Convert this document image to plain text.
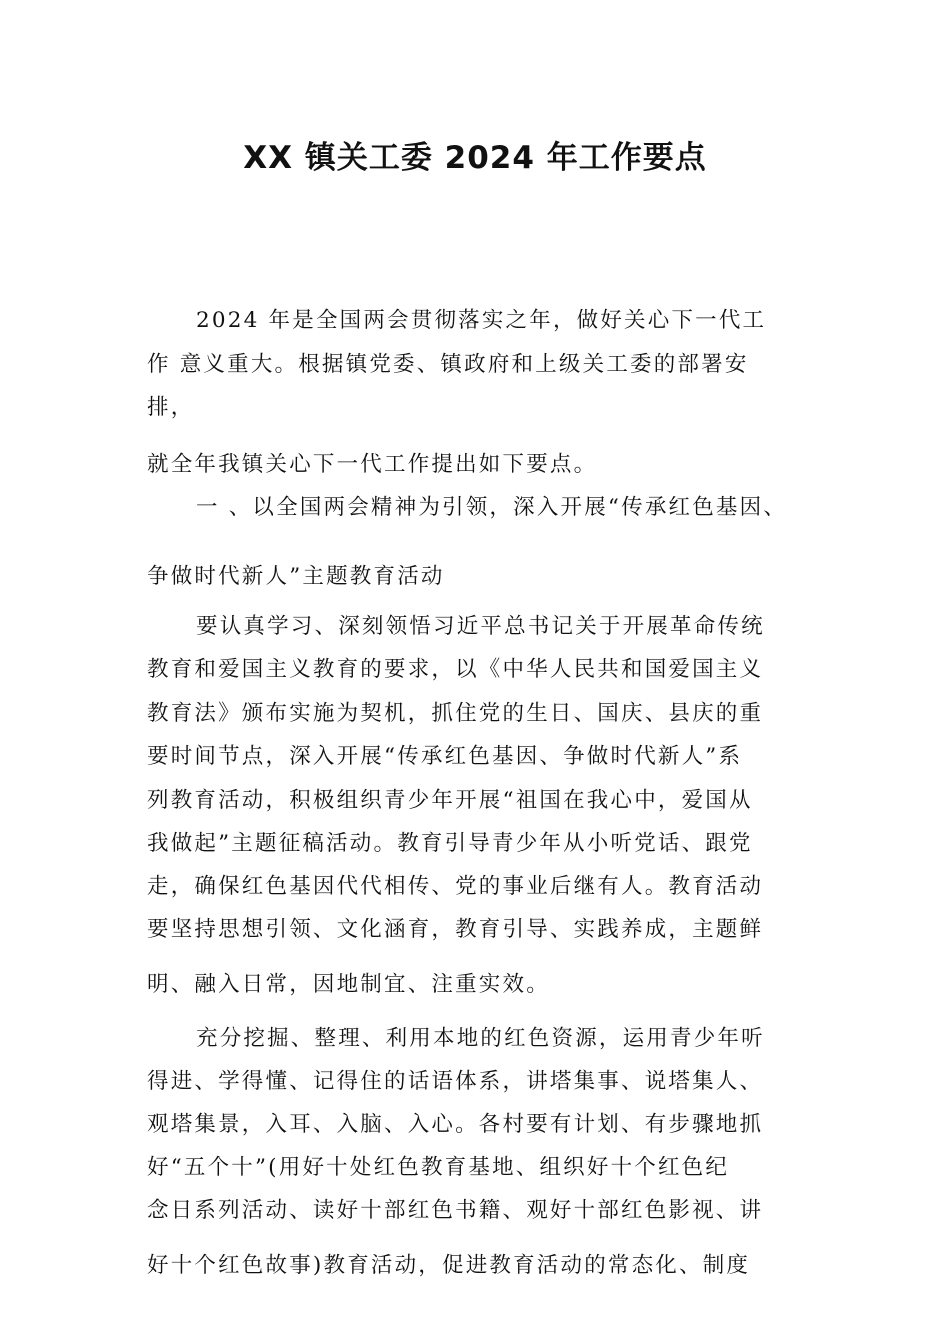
XX 镇关工委 2024 年工作要点
2024 年是全国两会贯彻落实之年，做好关心下一代工
作 意义重大。根据镇党委、镇政府和上级关工委的部署安
排，
就全年我镇关心下一代工作提出如下要点。
一 、以全国两会精神为引领，深入开展“传承红色基因、
争做时代新人”主题教育活动
要认真学习、深刻领悟习近平总书记关于开展革命传统
教育和爱国主义教育的要求，以《中华人民共和国爱国主义
教育法》颁布实施为契机，抓住党的生日、国庆、县庆的重
要时间节点，深入开展“传承红色基因、争做时代新人”系
列教育活动，积极组织青少年开展“祖国在我心中，爱国从
我做起”主题征稿活动。教育引导青少年从小听党话、跟党
走，确保红色基因代代相传、党的事业后继有人。教育活动
要坚持思想引领、文化涵育，教育引导、实践养成，主题鲜
明、融入日常，因地制宜、注重实效。
充分挖掘、整理、利用本地的红色资源，运用青少年听
得进、学得懂、记得住的话语体系，讲塔集事、说塔集人、
观塔集景，入耳、入脑、入心。各村要有计划、有步骤地抓
好“五个十”(用好十处红色教育基地、组织好十个红色纪
念日系列活动、读好十部红色书籍、观好十部红色影视、讲
好十个红色故事)教育活动，促进教育活动的常态化、制度
